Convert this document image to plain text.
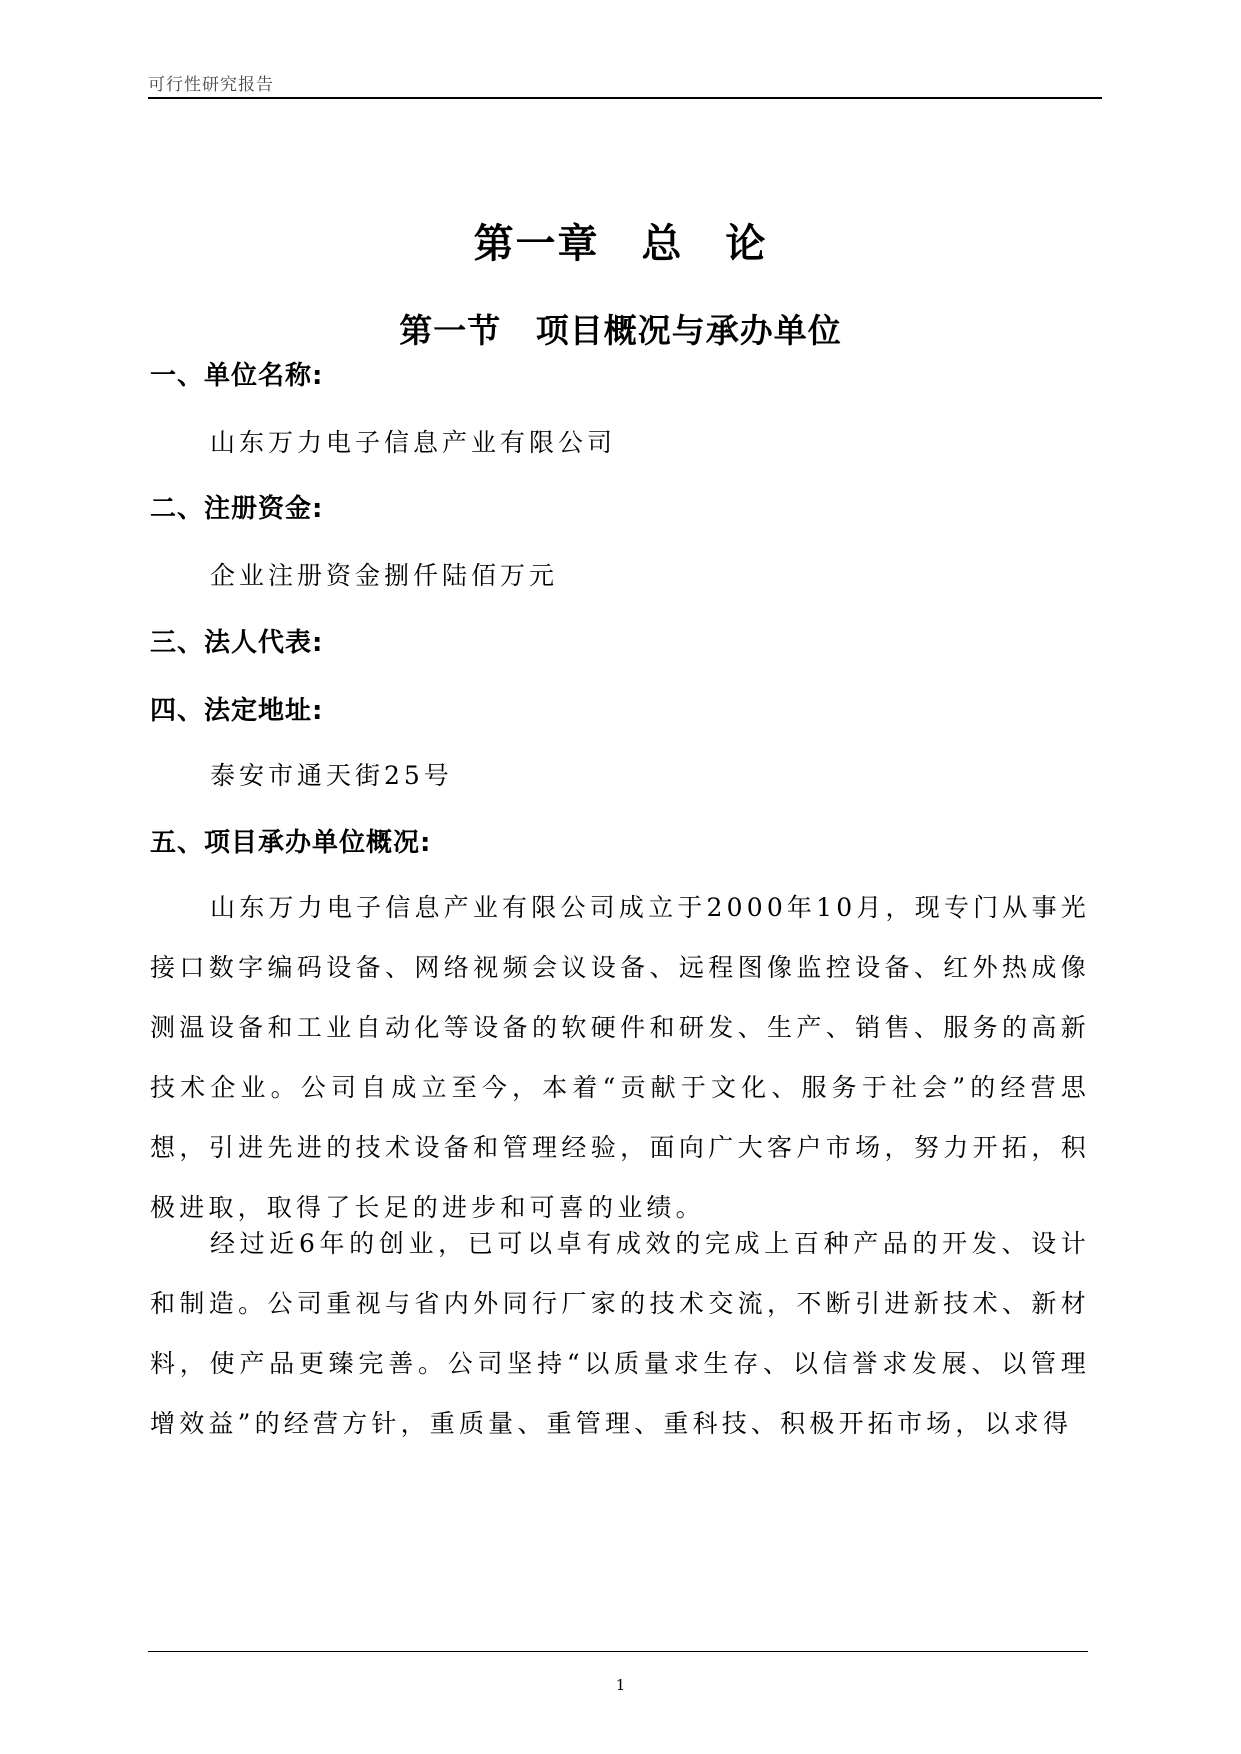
可行性研究报告
第一章 总 论
第一节 项目概况与承办单位
一、单位名称:
山东万力电子信息产业有限公司
二、注册资金:
企业注册资金捌仟陆佰万元
三、法人代表:
四、法定地址:
泰安市通天街25号
五、项目承办单位概况:

山东万力电子信息产业有限公司成立于2000年10月，现专门从事光接口数字编码设备、网络视频会议设备、远程图像监控设备、红外热成像测温设备和工业自动化等设备的软硬件和研发、生产、销售、服务的高新技术企业。公司自成立至今，本着“贡献于文化、服务于社会”的经营思想，引进先进的技术设备和管理经验，面向广大客户市场，努力开拓，积极进取，取得了长足的进步和可喜的业绩。

经过近6年的创业，已可以卓有成效的完成上百种产品的开发、设计和制造。公司重视与省内外同行厂家的技术交流，不断引进新技术、新材料，使产品更臻完善。公司坚持“以质量求生存、以信誉求发展、以管理增效益”的经营方针，重质量、重管理、重科技、积极开拓市场，以求得

1
